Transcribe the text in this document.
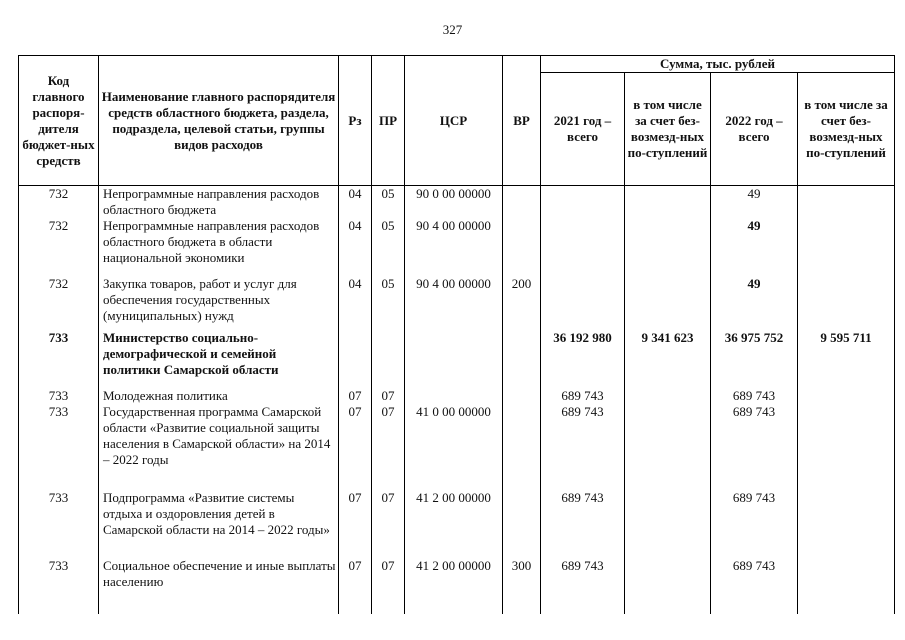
327
Код главного распоря-дителя бюджет-ных средств	Наименование главного распорядителя средств областного бюджета, раздела, подраздела, целевой статьи, группы видов расходов	Рз	ПР	ЦСР	ВР	Сумма, тыс. рублей			
						2021 год – всего	в том числе за счет без-возмезд-ных по-ступлений	2022 год – всего	в том числе за счет без-возмезд-ных по-ступлений
732	Непрограммные направления расходов областного бюджета	04	05	90 0 00 00000				49	
732	Непрограммные направления расходов областного бюджета в области национальной экономики	04	05	90 4 00 00000				49	
732	Закупка товаров, работ и услуг для обеспечения государственных (муниципальных) нужд	04	05	90 4 00 00000	200			49	
733	Министерство социально-демографической и семейной политики Самарской области					36 192 980	9 341 623	36 975 752	9 595 711
733	Молодежная политика	07	07			689 743		689 743	
733	Государственная программа Самарской области «Развитие социальной защиты населения в Самарской области» на 2014 – 2022 годы	07	07	41 0 00 00000		689 743		689 743	
733	Подпрограмма «Развитие системы отдыха и оздоровления детей в Самарской области на 2014 – 2022 годы»	07	07	41 2 00 00000		689 743		689 743	
733	Социальное обеспечение и иные выплаты населению	07	07	41 2 00 00000	300	689 743		689 743	
